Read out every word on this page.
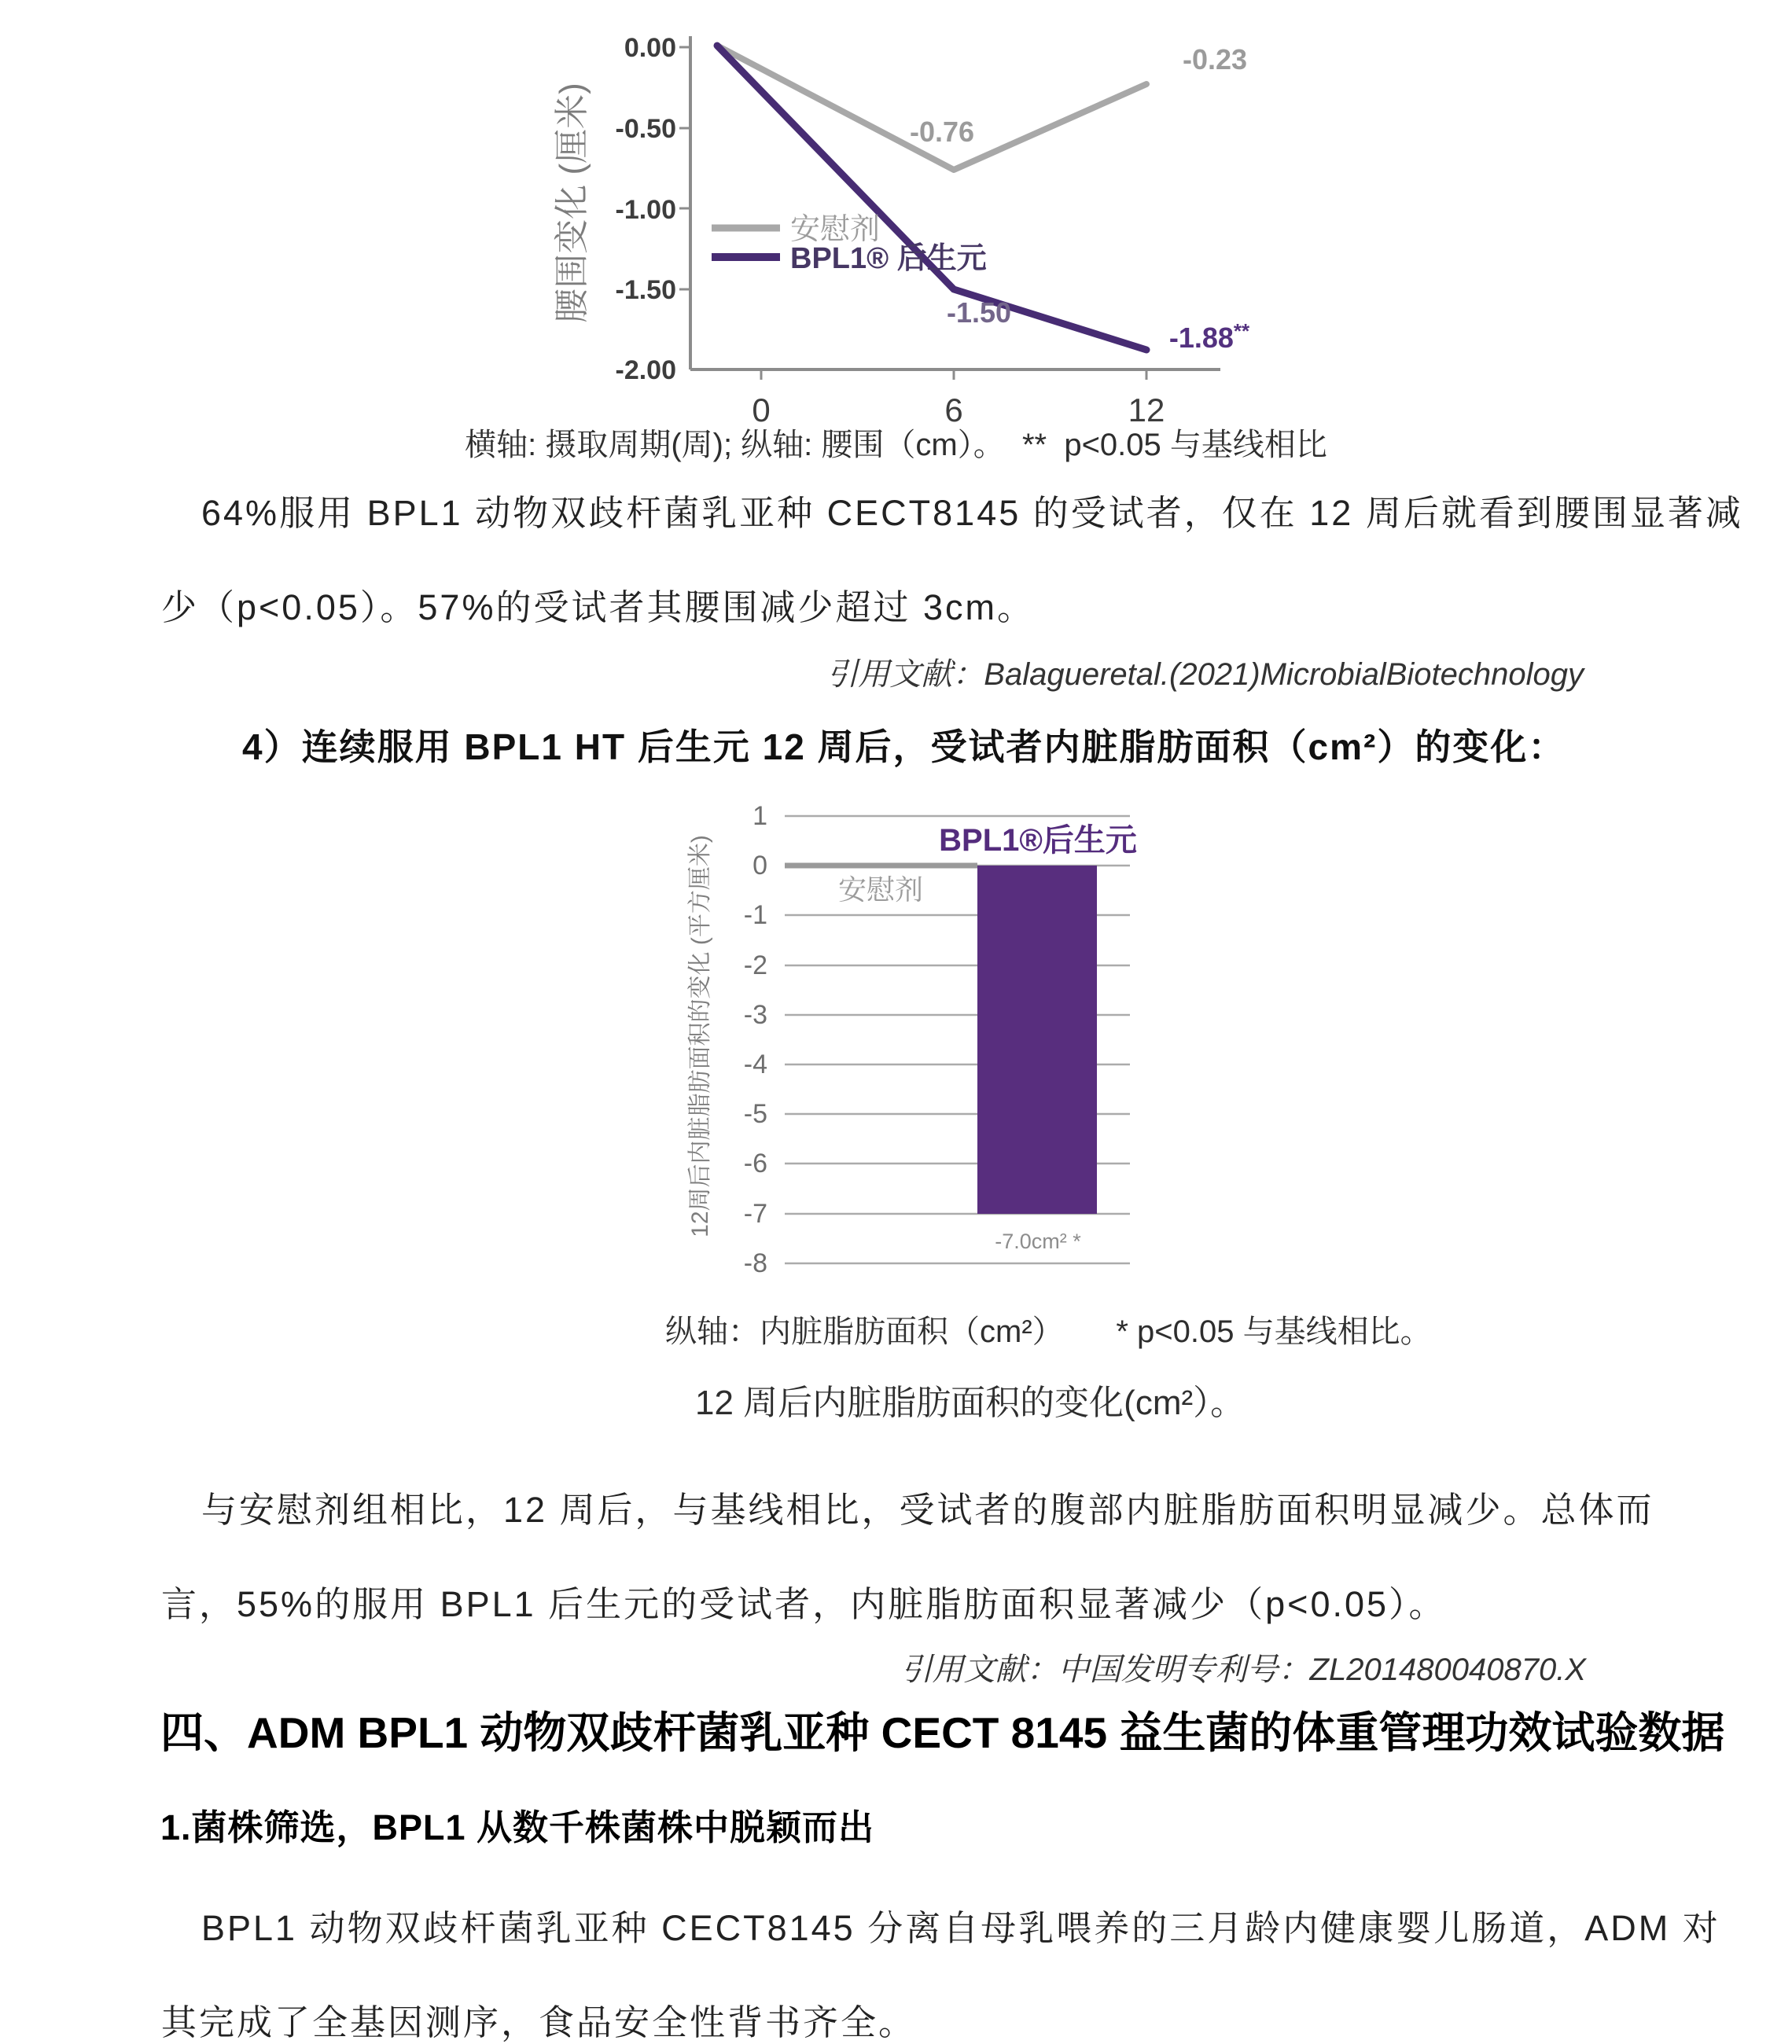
腰围变化 (厘米)
0.00
-0.50
-1.00
-1.50
-2.00
0	6	12
-0.76
-0.23
-1.50
-1.88**
安慰剂
BPL1® 后生元
横轴: 摄取周期(周); 纵轴: 腰围（cm）。  **  p<0.05 与基线相比
64%服用 BPL1 动物双歧杆菌乳亚种 CECT8145 的受试者，仅在 12 周后就看到腰围显著减
少（p<0.05）。57%的受试者其腰围减少超过 3cm。
引用文献：Balagueretal.(2021)MicrobialBiotechnology
4）连续服用 BPL1 HT 后生元 12 周后，受试者内脏脂肪面积（cm²）的变化：
12周后内脏脂肪面积的变化 (平方厘米)
1
0
-1
-2
-3
-4
-5
-6
-7
-8
安慰剂
BPL1®后生元
-7.0cm² *
纵轴：内脏脂肪面积（cm²）      * p<0.05 与基线相比。
12 周后内脏脂肪面积的变化(cm²）。
与安慰剂组相比，12 周后，与基线相比，受试者的腹部内脏脂肪面积明显减少。总体而
言，55%的服用 BPL1 后生元的受试者，内脏脂肪面积显著减少（p<0.05）。
引用文献：中国发明专利号：ZL201480040870.X
四、ADM BPL1 动物双歧杆菌乳亚种 CECT 8145 益生菌的体重管理功效试验数据
1.菌株筛选，BPL1 从数千株菌株中脱颖而出
BPL1 动物双歧杆菌乳亚种 CECT8145 分离自母乳喂养的三月龄内健康婴儿肠道，ADM 对
其完成了全基因测序，食品安全性背书齐全。
